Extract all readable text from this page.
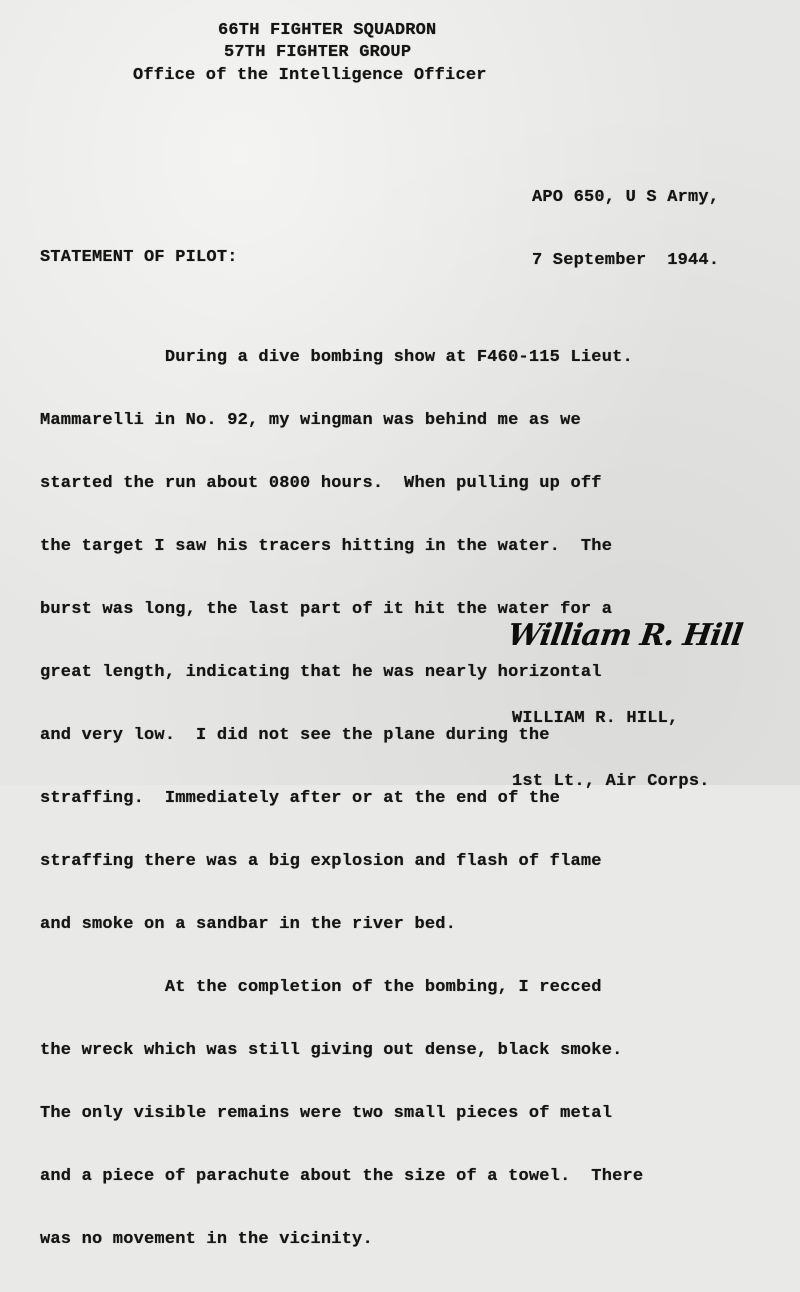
66TH FIGHTER SQUADRON
57TH FIGHTER GROUP
Office of the Intelligence Officer

APO 650, U S Army,

7 September  1944.

STATEMENT OF PILOT:

During a dive bombing show at F460-115 Lieut.

Mammarelli in No. 92, my wingman was behind me as we

started the run about 0800 hours.  When pulling up off

the target I saw his tracers hitting in the water.  The

burst was long, the last part of it hit the water for a

great length, indicating that he was nearly horizontal

and very low.  I did not see the plane during the

straffing.  Immediately after or at the end of the

straffing there was a big explosion and flash of flame

and smoke on a sandbar in the river bed.

At the completion of the bombing, I recced

the wreck which was still giving out dense, black smoke.

The only visible remains were two small pieces of metal

and a piece of parachute about the size of a towel.  There

was no movement in the vicinity.

William R. Hill

WILLIAM R. HILL,

1st Lt., Air Corps.
